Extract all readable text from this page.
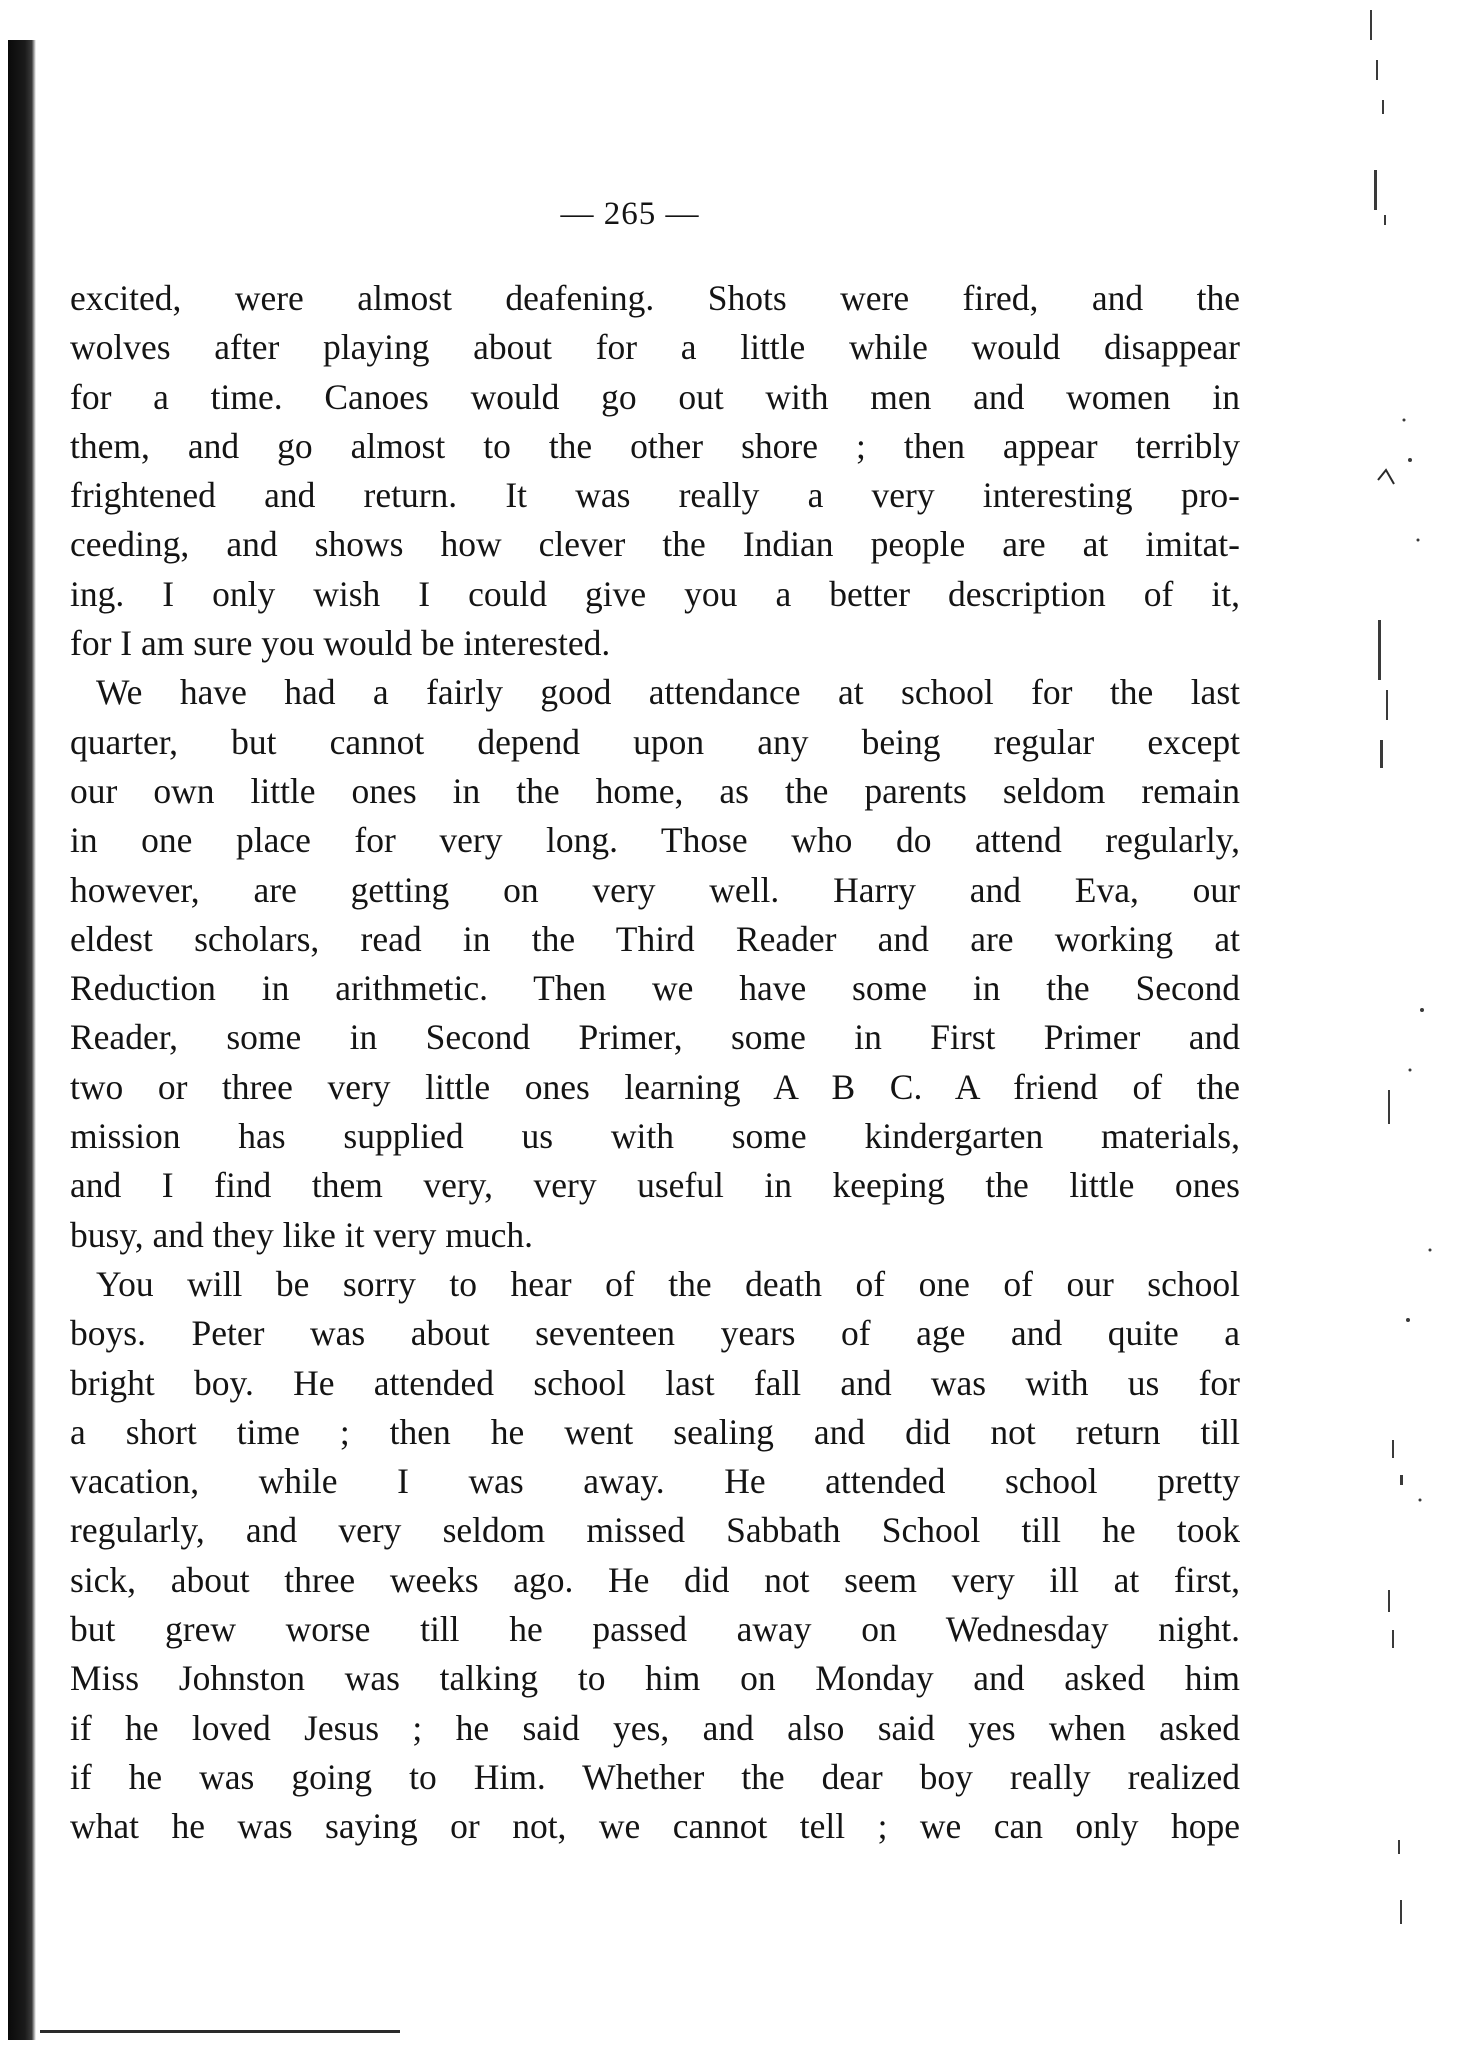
— 265 —
excited, were almost deafening. Shots were fired, and the
wolves after playing about for a little while would disappear
for a time. Canoes would go out with men and women in
them, and go almost to the other shore ; then appear terribly
frightened and return. It was really a very interesting pro-
ceeding, and shows how clever the Indian people are at imitat-
ing. I only wish I could give you a better description of it,
for I am sure you would be interested.
We have had a fairly good attendance at school for the last
quarter, but cannot depend upon any being regular except
our own little ones in the home, as the parents seldom remain
in one place for very long. Those who do attend regularly,
however, are getting on very well. Harry and Eva, our
eldest scholars, read in the Third Reader and are working at
Reduction in arithmetic. Then we have some in the Second
Reader, some in Second Primer, some in First Primer and
two or three very little ones learning A B C. A friend of the
mission has supplied us with some kindergarten materials,
and I find them very, very useful in keeping the little ones
busy, and they like it very much.
You will be sorry to hear of the death of one of our school
boys. Peter was about seventeen years of age and quite a
bright boy. He attended school last fall and was with us for
a short time ; then he went sealing and did not return till
vacation, while I was away. He attended school pretty
regularly, and very seldom missed Sabbath School till he took
sick, about three weeks ago. He did not seem very ill at first,
but grew worse till he passed away on Wednesday night.
Miss Johnston was talking to him on Monday and asked him
if he loved Jesus ; he said yes, and also said yes when asked
if he was going to Him. Whether the dear boy really realized
what he was saying or not, we cannot tell ; we can only hope
